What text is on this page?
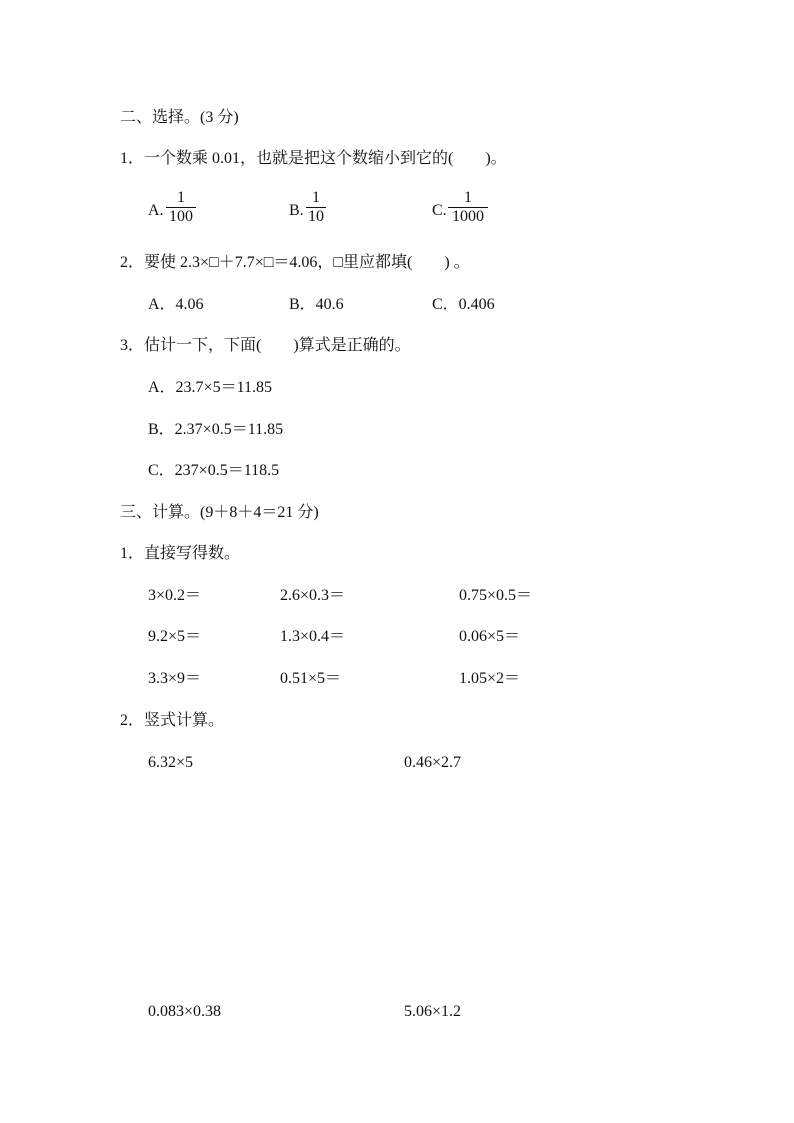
二、选择。(3 分)
1．一个数乘 0.01，也就是把这个数缩小到它的(　　)。
A.
1
100	B.
1
10	C.
1
1000
2．要使 2.3×□＋7.7×□＝4.06，□里应都填(　　) 。
A．4.06	B．40.6	C．0.406
3．估计一下，下面(　　)算式是正确的。
A．23.7×5＝11.85
B．2.37×0.5＝11.85
C．237×0.5＝118.5
三、计算。(9＋8＋4＝21 分)
1．直接写得数。
3×0.2＝	2.6×0.3＝	0.75×0.5＝
9.2×5＝	1.3×0.4＝	0.06×5＝
3.3×9＝	0.51×5＝	1.05×2＝
2．竖式计算。
6.32×5	0.46×2.7
0.083×0.38	5.06×1.2
